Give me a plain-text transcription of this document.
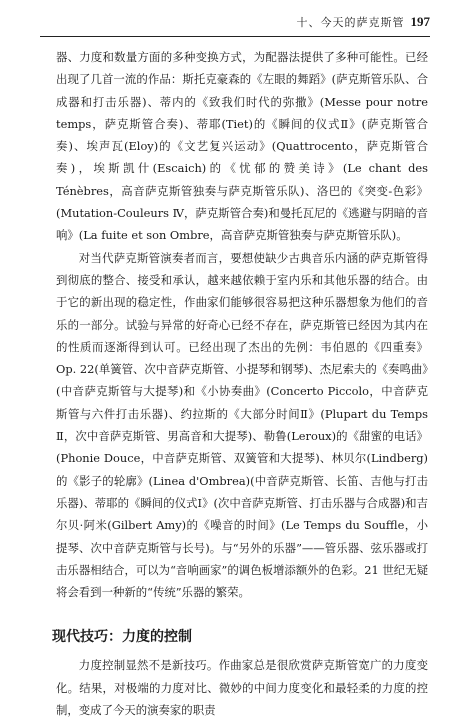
十、今天的萨克斯管 197

器、力度和数量方面的多种变换方式，为配器法提供了多种可能性。已经出现了几首一流的作品：斯托克豪森的《左眼的舞蹈》(萨克斯管乐队、合成器和打击乐器)、蒂内的《致我们时代的弥撒》(Messe pour notre temps，萨克斯管合奏)、蒂耶(Tiet)的《瞬间的仪式Ⅱ》(萨克斯管合奏)、埃声瓦(Eloy)的《文艺复兴运动》(Quattrocento，萨克斯管合奏)，埃斯凯什(Escaich)的《忧郁的赞美诗》(Le chant des Ténèbres，高音萨克斯管独奏与萨克斯管乐队)、洛巴的《突变-色彩》(Mutation-Couleurs Ⅳ，萨克斯管合奏)和曼托瓦尼的《逃避与阴暗的音响》(La fuite et son Ombre，高音萨克斯管独奏与萨克斯管乐队)。

对当代萨克斯管演奏者而言，要想使缺少古典音乐内涵的萨克斯管得到彻底的整合、接受和承认，越来越依赖于室内乐和其他乐器的结合。由于它的新出现的稳定性，作曲家们能够很容易把这种乐器想象为他们的音乐的一部分。试验与异常的好奇心已经不存在，萨克斯管已经因为其内在的性质而逐渐得到认可。已经出现了杰出的先例：韦伯恩的《四重奏》Op. 22(单簧管、次中音萨克斯管、小提琴和钢琴)、杰尼索夫的《奏鸣曲》(中音萨克斯管与大提琴)和《小协奏曲》(Concerto Piccolo，中音萨克斯管与六件打击乐器)、约拉斯的《大部分时间Ⅱ》(Plupart du Temps Ⅱ，次中音萨克斯管、男高音和大提琴)、勒鲁(Leroux)的《甜蜜的电话》(Phonie Douce，中音萨克斯管、双簧管和大提琴)、林贝尔(Lindberg)的《影子的轮廓》(Linea d'Ombrea)(中音萨克斯管、长笛、吉他与打击乐器)、蒂耶的《瞬间的仪式Ⅰ》(次中音萨克斯管、打击乐器与合成器)和吉尔贝·阿米(Gilbert Amy)的《噪音的时间》(Le Temps du Souffle，小提琴、次中音萨克斯管与长号)。与“另外的乐器”——管乐器、弦乐器或打击乐器相结合，可以为“音响画家”的调色板增添额外的色彩。21 世纪无疑将会看到一种新的“传统”乐器的繁荣。

现代技巧：力度的控制

力度控制显然不是新技巧。作曲家总是很欣赏萨克斯管宽广的力度变化。结果，对极端的力度对比、微妙的中间力度变化和最轻柔的力度的控制，变成了今天的演奏家的职责
